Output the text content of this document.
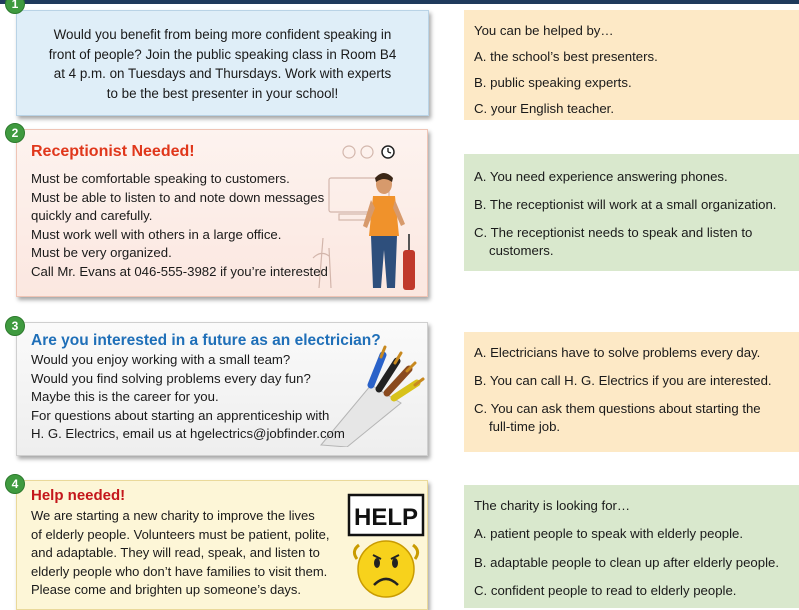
Would you benefit from being more confident speaking in

front of people? Join the public speaking class in Room B4

at 4 p.m. on Tuesdays and Thursdays. Work with experts

to be the best presenter in your school!

1
You can be helped by…
A. the school’s best presenters.
B. public speaking experts.
C. your English teacher.
Receptionist Needed!

Must be comfortable speaking to customers.

Must be able to listen to and note down messages

quickly and carefully.

Must work well with others in a large office.

Must be very organized.

Call Mr. Evans at 046-555-3982 if you’re interested

2
A. You need experience answering phones.
B. The receptionist will work at a small organization.
C. The receptionist needs to speak and listen to
customers.
Are you interested in a future as an electrician?

Would you enjoy working with a small team?

Would you find solving problems every day fun?

Maybe this is the career for you.

For questions about starting an apprenticeship with

H. G. Electrics, email us at hgelectrics@jobfinder.com

3
A. Electricians have to solve problems every day.
B. You can call H. G. Electrics if you are interested.
C. You can ask them questions about starting the
full-time job.
Help needed!
HELP

We are starting a new charity to improve the lives

of elderly people. Volunteers must be patient, polite,

and adaptable. They will read, speak, and listen to

elderly people who don’t have families to visit them.

Please come and brighten up someone’s days.

4
The charity is looking for…
A. patient people to speak with elderly people.
B. adaptable people to clean up after elderly people.
C. confident people to read to elderly people.
